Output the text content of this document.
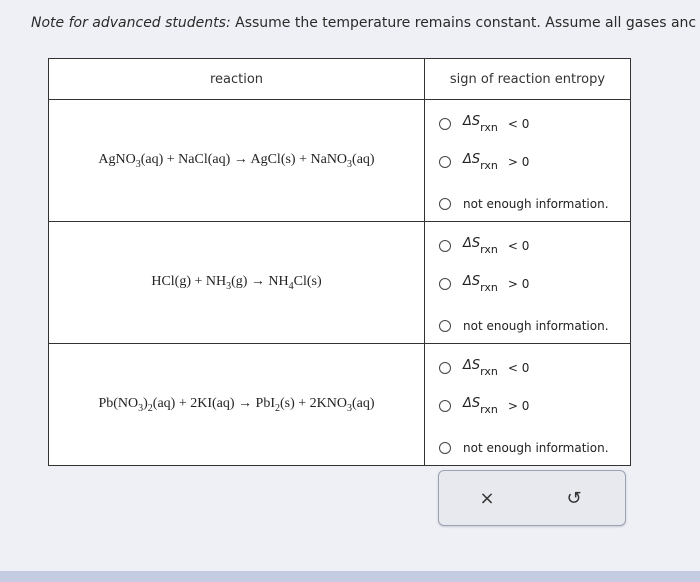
Note for advanced students: Assume the temperature remains constant. Assume all gases anc
reaction	sign of reaction entropy

AgNO$_3$(aq) + NaCl(aq) → AgCl(s) + NaNO$_3$(aq)	$\Delta S_{rxn} < 0$
$\Delta S_{rxn} > 0$
not enough information.

$HCl(g) + NH_3(g) \to NH_4Cl(s)$	$\Delta S_{rxn} < 0$
$\Delta S_{rxn} > 0$
not enough information.

$Pb(NO_3)_2(aq) + 2KI(aq) \to PbI_2(s) + 2KNO_3(aq)$	$\Delta S_{rxn} < 0$
$\Delta S_{rxn} > 0$
not enough information.
×	↺
